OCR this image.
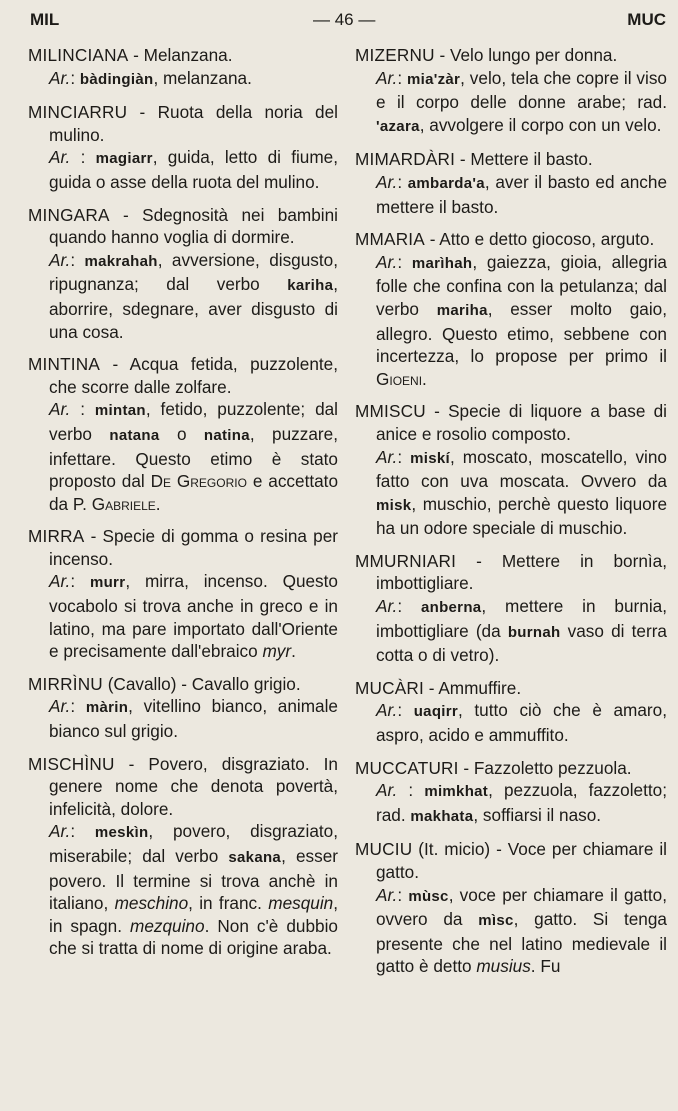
MIL	— 46 —	MUC

MILINCIANA - Melanzana.

Ar.: bàdingiàn, melanzana.

MINCIARRU - Ruota della noria del mulino.

Ar. : magiarr, guida, letto di fiume, guida o asse della ruota del mulino.

MINGARA - Sdegnosità nei bambini quando hanno voglia di dormire.

Ar.: makrahah, avversione, disgusto, ripugnanza; dal verbo kariha, aborrire, sdegnare, aver disgusto di una cosa.

MINTINA - Acqua fetida, puzzolente, che scorre dalle zolfare.

Ar. : mintan, fetido, puzzolente; dal verbo natana o natina, puzzare, infettare. Questo etimo è stato proposto dal De Gregorio e accettato da P. Gabriele.

MIRRA - Specie di gomma o resina per incenso.

Ar.: murr, mirra, incenso. Questo vocabolo si trova anche in greco e in latino, ma pare importato dall'Oriente e precisamente dall'ebraico myr.

MIRRÌNU (Cavallo) - Cavallo grigio.

Ar.: màrin, vitellino bianco, animale bianco sul grigio.

MISCHÌNU - Povero, disgraziato. In genere nome che denota povertà, infelicità, dolore.

Ar.: meskìn, povero, disgraziato, miserabile; dal verbo sakana, esser povero. Il termine si trova anchè in italiano, meschino, in franc. mesquin, in spagn. mezquino. Non c'è dubbio che si tratta di nome di origine araba.

MIZERNU - Velo lungo per donna.

Ar.: mia'zàr, velo, tela che copre il viso e il corpo delle donne arabe; rad. 'azara, avvolgere il corpo con un velo.

MIMARDÀRI - Mettere il basto.

Ar.: ambarda'a, aver il basto ed anche mettere il basto.

MMARIA - Atto e detto giocoso, arguto.

Ar.: marìhah, gaiezza, gioia, allegria folle che confina con la petulanza; dal verbo mariha, esser molto gaio, allegro. Questo etimo, sebbene con incertezza, lo propose per primo il Gioeni.

MMISCU - Specie di liquore a base di anice e rosolio composto.

Ar.: miskí, moscato, moscatello, vino fatto con uva moscata. Ovvero da misk, muschio, perchè questo liquore ha un odore speciale di muschio.

MMURNIARI - Mettere in bornìa, imbottigliare.

Ar.: anberna, mettere in burnia, imbottigliare (da burnah vaso di terra cotta o di vetro).

MUCÀRI - Ammuffire.

Ar.: uaqirr, tutto ciò che è amaro, aspro, acido e ammuffito.

MUCCATURI - Fazzoletto pezzuola.

Ar. : mimkhat, pezzuola, fazzoletto; rad. makhata, soffiarsi il naso.

MUCIU (It. micio) - Voce per chiamare il gatto.

Ar.: mùsc, voce per chiamare il gatto, ovvero da mìsc, gatto. Si tenga presente che nel latino medievale il gatto è detto musius. Fu
